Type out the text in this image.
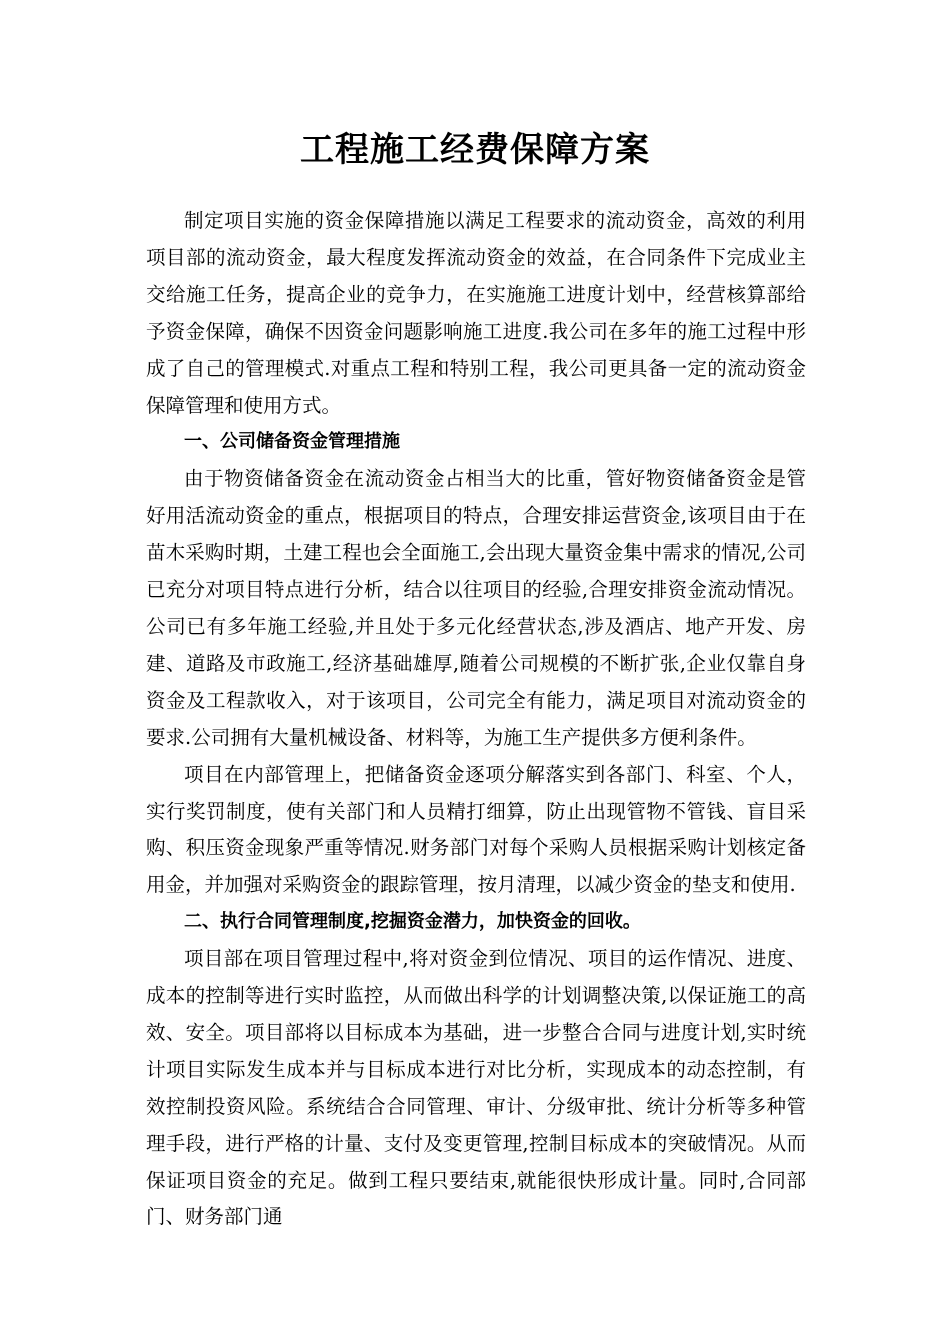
工程施工经费保障方案

制定项目实施的资金保障措施以满足工程要求的流动资金，高效的利用项目部的流动资金，最大程度发挥流动资金的效益，在合同条件下完成业主交给施工任务，提高企业的竞争力，在实施施工进度计划中，经营核算部给予资金保障，确保不因资金问题影响施工进度.我公司在多年的施工过程中形成了自己的管理模式.对重点工程和特别工程，我公司更具备一定的流动资金保障管理和使用方式。

一、公司储备资金管理措施

由于物资储备资金在流动资金占相当大的比重，管好物资储备资金是管好用活流动资金的重点，根据项目的特点，合理安排运营资金,该项目由于在苗木采购时期，土建工程也会全面施工,会出现大量资金集中需求的情况,公司已充分对项目特点进行分析，结合以往项目的经验,合理安排资金流动情况。公司已有多年施工经验,并且处于多元化经营状态,涉及酒店、地产开发、房建、道路及市政施工,经济基础雄厚,随着公司规模的不断扩张,企业仅靠自身资金及工程款收入，对于该项目，公司完全有能力，满足项目对流动资金的要求.公司拥有大量机械设备、材料等，为施工生产提供多方便利条件。

项目在内部管理上，把储备资金逐项分解落实到各部门、科室、个人，实行奖罚制度，使有关部门和人员精打细算，防止出现管物不管钱、盲目采购、积压资金现象严重等情况.财务部门对每个采购人员根据采购计划核定备用金，并加强对采购资金的跟踪管理，按月清理，以减少资金的垫支和使用.

二、执行合同管理制度,挖掘资金潜力，加快资金的回收。

项目部在项目管理过程中,将对资金到位情况、项目的运作情况、进度、成本的控制等进行实时监控，从而做出科学的计划调整决策,以保证施工的高效、安全。项目部将以目标成本为基础，进一步整合合同与进度计划,实时统计项目实际发生成本并与目标成本进行对比分析，实现成本的动态控制，有效控制投资风险。系统结合合同管理、审计、分级审批、统计分析等多种管理手段，进行严格的计量、支付及变更管理,控制目标成本的突破情况。从而保证项目资金的充足。做到工程只要结束,就能很快形成计量。同时,合同部门、财务部门通
